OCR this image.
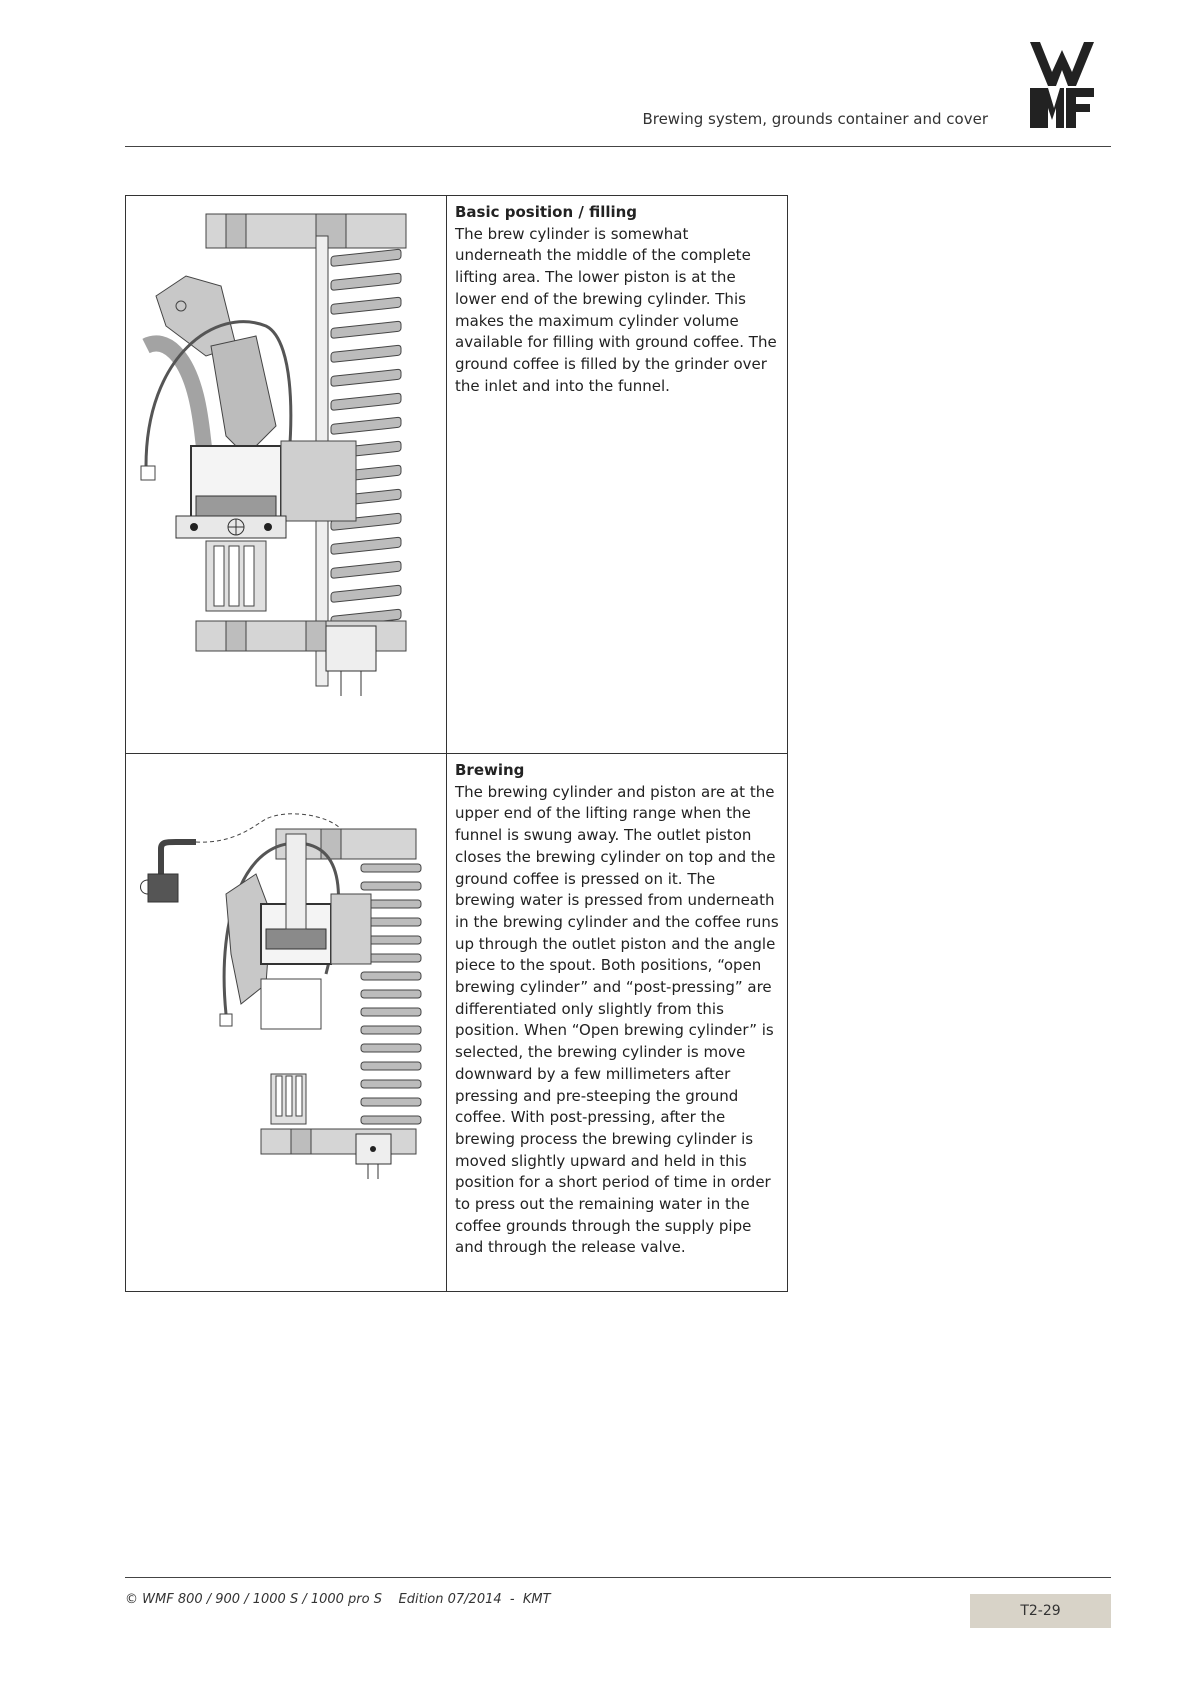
Brewing system, grounds container and cover

Basic position / filling
The brew cylinder is somewhat underneath the middle of the complete lifting area. The lower piston is at the lower end of the brewing cylinder. This makes the maximum cylinder volume available for filling with ground coffee. The ground coffee is filled by the grinder over the inlet and into the funnel.

Brewing
The brewing cylinder and piston are at the upper end of the lifting range when the funnel is swung away. The outlet piston closes the brewing cylinder on top and the ground coffee is pressed on it. The brewing water is pressed from underneath in the brewing cylinder and the coffee runs up through the outlet piston and the angle piece to the spout. Both positions, “open brewing cylinder” and “post-pressing” are differentiated only slightly from this position. When “Open brewing cylinder” is selected, the brewing cylinder is move downward by a few millimeters after pressing and pre-steeping the ground coffee. With post-pressing, after the brewing process the brewing cylinder is moved slightly upward and held in this position for a short period of time in order to press out the remaining water in the coffee grounds through the supply pipe and through the release valve.
© WMF 800 / 900 / 1000 S / 1000 pro S    Edition 07/2014  -  KMT
T2-29
